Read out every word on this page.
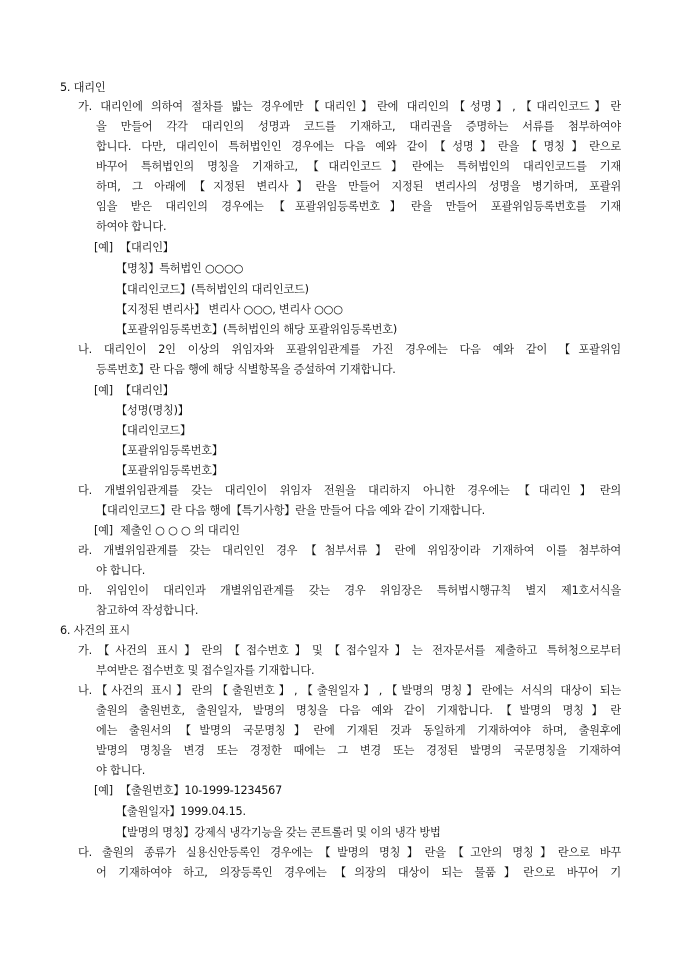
5. 대리인
가. 대리인에 의하여 절차를 밟는 경우에만【대리인】란에 대리인의【성명】,【대리인코드】란
을 만들어 각각 대리인의 성명과 코드를 기재하고, 대리권을 증명하는 서류를 첨부하여야
합니다. 다만, 대리인이 특허법인인 경우에는 다음 예와 같이【성명】란을【명칭】란으로
바꾸어 특허법인의 명칭을 기재하고,【대리인코드】란에는 특허법인의 대리인코드를 기재
하며, 그 아래에【지정된 변리사】란을 만들어 지정된 변리사의 성명을 병기하며, 포괄위
임을 받은 대리인의 경우에는【포괄위임등록번호】란을 만들어 포괄위임등록번호를 기재
하여야 합니다.
[예] 【대리인】
【명칭】특허법인 ○○○○
【대리인코드】(특허법인의 대리인코드)
【지정된 변리사】 변리사 ○○○, 변리사 ○○○
【포괄위임등록번호】(특허법인의 해당 포괄위임등록번호)
나. 대리인이 2인 이상의 위임자와 포괄위임관계를 가진 경우에는 다음 예와 같이 【포괄위임
등록번호】란 다음 행에 해당 식별항목을 증설하여 기재합니다.
[예] 【대리인】
【성명(명칭)】
【대리인코드】
【포괄위임등록번호】
【포괄위임등록번호】
다. 개별위임관계를 갖는 대리인이 위임자 전원을 대리하지 아니한 경우에는【대리인】란의
【대리인코드】란 다음 행에【특기사항】란을 만들어 다음 예와 같이 기재합니다.
[예] 제출인 ○ ○ ○ 의 대리인
라. 개별위임관계를 갖는 대리인인 경우【첨부서류】란에 위임장이라 기재하여 이를 첨부하여
야 합니다.
마. 위임인이 대리인과 개별위임관계를 갖는 경우 위임장은 특허법시행규칙 별지 제1호서식을
참고하여 작성합니다.
6. 사건의 표시
가.【사건의 표시】란의【접수번호】및【접수일자】는 전자문서를 제출하고 특허청으로부터
부여받은 접수번호 및 접수일자를 기재합니다.
나.【사건의 표시】란의【출원번호】,【출원일자】,【발명의 명칭】란에는 서식의 대상이 되는
출원의 출원번호, 출원일자, 발명의 명칭을 다음 예와 같이 기재합니다.【발명의 명칭】란
에는 출원서의【발명의 국문명칭】란에 기재된 것과 동일하게 기재하여야 하며, 출원후에
발명의 명칭을 변경 또는 경정한 때에는 그 변경 또는 경정된 발명의 국문명칭을 기재하여
야 합니다.
[예] 【출원번호】10-1999-1234567
【출원일자】1999.04.15.
【발명의 명칭】강제식 냉각기능을 갖는 콘트롤러 및 이의 냉각 방법
다. 출원의 종류가 실용신안등록인 경우에는【발명의 명칭】란을【고안의 명칭】란으로 바꾸
어 기재하여야 하고, 의장등록인 경우에는【의장의 대상이 되는 물품】란으로 바꾸어 기
